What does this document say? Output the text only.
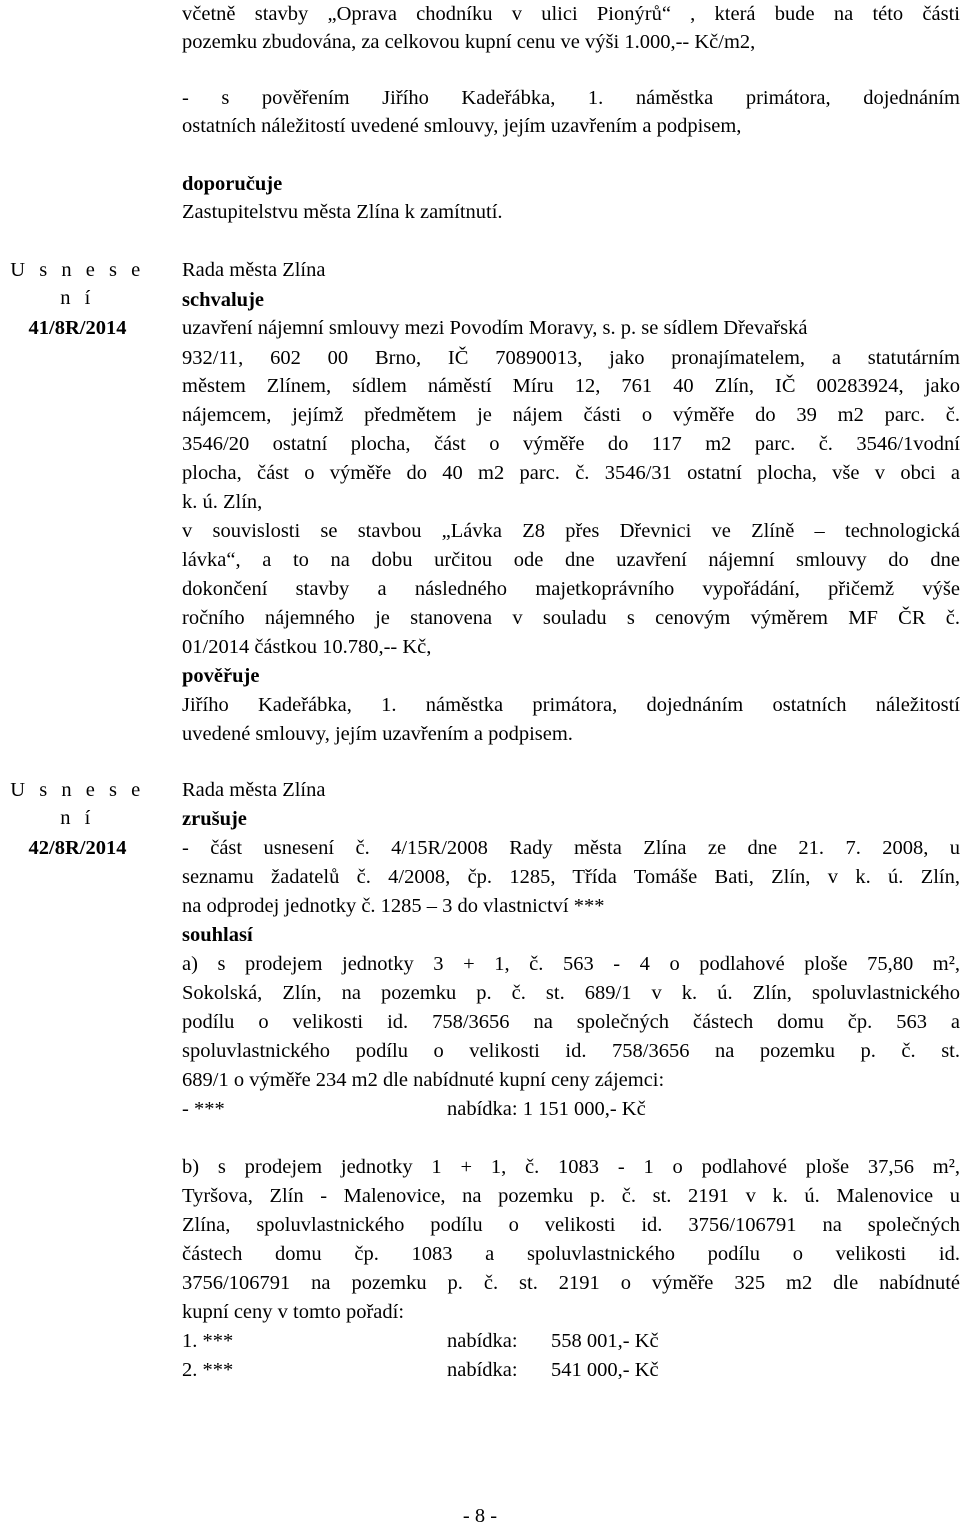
včetně stavby „Oprava chodníku v ulici Pionýrů“ , která bude na této části
pozemku zbudována, za celkovou kupní cenu ve výši 1.000,-- Kč/m2,
- s pověřením Jiřího Kadeřábka, 1. náměstka primátora, dojednáním
ostatních náležitostí uvedené smlouvy, jejím uzavřením a podpisem,
doporučuje
Zastupitelstvu města Zlína k zamítnutí.
U s n e s e n í
41/8R/2014
Rada města Zlína
schvaluje
uzavření nájemní smlouvy mezi Povodím Moravy, s. p. se sídlem Dřevařská
932/11, 602 00 Brno, IČ 70890013, jako pronajímatelem, a statutárním
městem Zlínem, sídlem náměstí Míru 12, 761 40 Zlín, IČ 00283924, jako
nájemcem, jejímž předmětem je nájem části o výměře do 39 m2 parc. č.
3546/20 ostatní plocha, část o výměře do 117 m2 parc. č. 3546/1vodní
plocha, část o výměře do 40 m2 parc. č. 3546/31 ostatní plocha, vše v obci a
k. ú. Zlín,
v souvislosti se stavbou „Lávka Z8 přes Dřevnici ve Zlíně – technologická
lávka“, a to na dobu určitou ode dne uzavření nájemní smlouvy do dne
dokončení stavby a následného majetkoprávního vypořádání, přičemž výše
ročního nájemného je stanovena v souladu s cenovým výměrem MF ČR č.
01/2014 částkou 10.780,-- Kč,
pověřuje
Jiřího Kadeřábka, 1. náměstka primátora, dojednáním ostatních náležitostí
uvedené smlouvy, jejím uzavřením a podpisem.
U s n e s e n í
42/8R/2014
Rada města Zlína
zrušuje
- část usnesení č. 4/15R/2008 Rady města Zlína ze dne 21. 7. 2008, u
seznamu žadatelů č. 4/2008, čp. 1285, Třída Tomáše Bati, Zlín, v k. ú. Zlín,
na odprodej jednotky č. 1285 – 3 do vlastnictví ***
souhlasí
a) s prodejem jednotky 3 + 1, č. 563 - 4 o podlahové ploše 75,80 m²,
Sokolská, Zlín, na pozemku p. č. st. 689/1 v k. ú. Zlín, spoluvlastnického
podílu o velikosti id. 758/3656 na společných částech domu čp. 563 a
spoluvlastnického podílu o velikosti id. 758/3656 na pozemku p. č. st.
689/1 o výměře 234 m2 dle nabídnuté kupní ceny zájemci:
- ***	nabídka: 1 151 000,- Kč
b) s prodejem jednotky 1 + 1, č. 1083 - 1 o podlahové ploše 37,56 m²,
Tyršova, Zlín - Malenovice, na pozemku p. č. st. 2191 v k. ú. Malenovice u
Zlína, spoluvlastnického podílu o velikosti id. 3756/106791 na společných
částech domu čp. 1083 a spoluvlastnického podílu o velikosti id.
3756/106791 na pozemku p. č. st. 2191 o výměře 325 m2 dle nabídnuté
kupní ceny v tomto pořadí:
1. ***	nabídka: 558 001,- Kč
2. ***	nabídka: 541 000,- Kč
- 8 -
